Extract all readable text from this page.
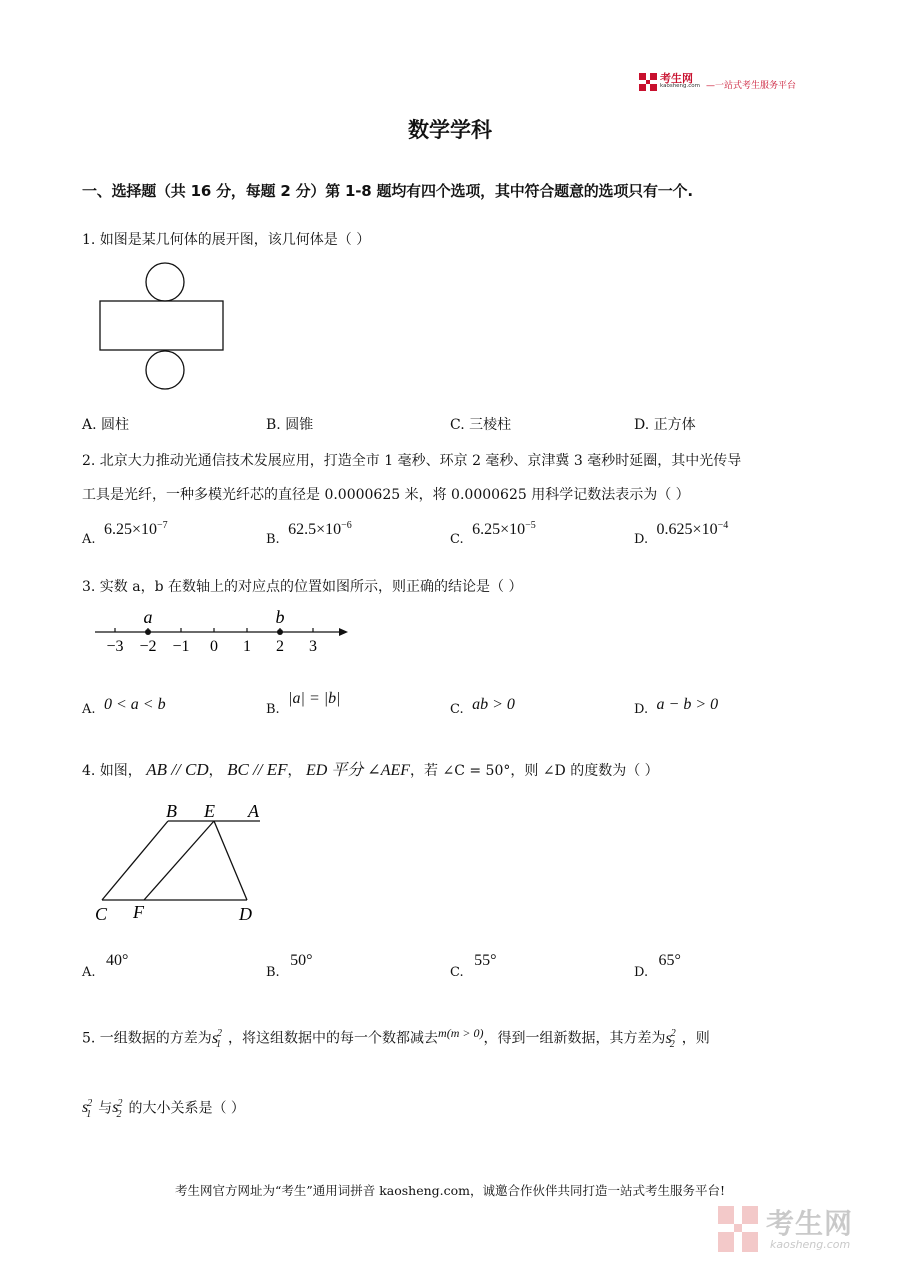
考生网
kaosheng.com —一站式考生服务平台
数学学科
一、选择题（共 16 分，每题 2 分）第 1-8 题均有四个选项，其中符合题意的选项只有一个.
1. 如图是某几何体的展开图，该几何体是（ ）
A. 圆柱	B. 圆锥	C. 三棱柱	D. 正方体
2. 北京大力推动光通信技术发展应用，打造全市 1 毫秒、环京 2 毫秒、京津冀 3 毫秒时延圈，其中光传导
工具是光纤，一种多模光纤芯的直径是 0.0000625 米，将 0.0000625 用科学记数法表示为（ ）
A. $6.25\times 10^{-7}$
B. $62.5\times 10^{-6}$
C. $6.25\times 10^{-5}$
D. $0.625\times 10^{-4}$
3. 实数 a，b 在数轴上的对应点的位置如图所示，则正确的结论是（ ）
−3 −2 −1 0 1 2 3
a	b
A. 0 < a < b	B. |a| = |b|
C. ab > 0	D. a − b > 0
4. 如图， AB // CD， BC // EF， ED 平分 ∠AEF，若 ∠C = 50°，则 ∠D 的度数为（ ）
B E A
C F	D
A. 40°
B. 50°
C. 55°
D. 65°
5. 一组数据的方差为$s^2_1$ ，将这组数据中的每一个数都减去$^{m(m > 0)}$，得到一组新数据，其方差为$s^2_2$ ，则
$s^2_1$ 与$s^2_2$ 的大小关系是（ ）
考生网官方网址为“考生”通用词拼音 kaosheng.com，诚邀合作伙伴共同打造一站式考生服务平台!
考生网
kaosheng.com
